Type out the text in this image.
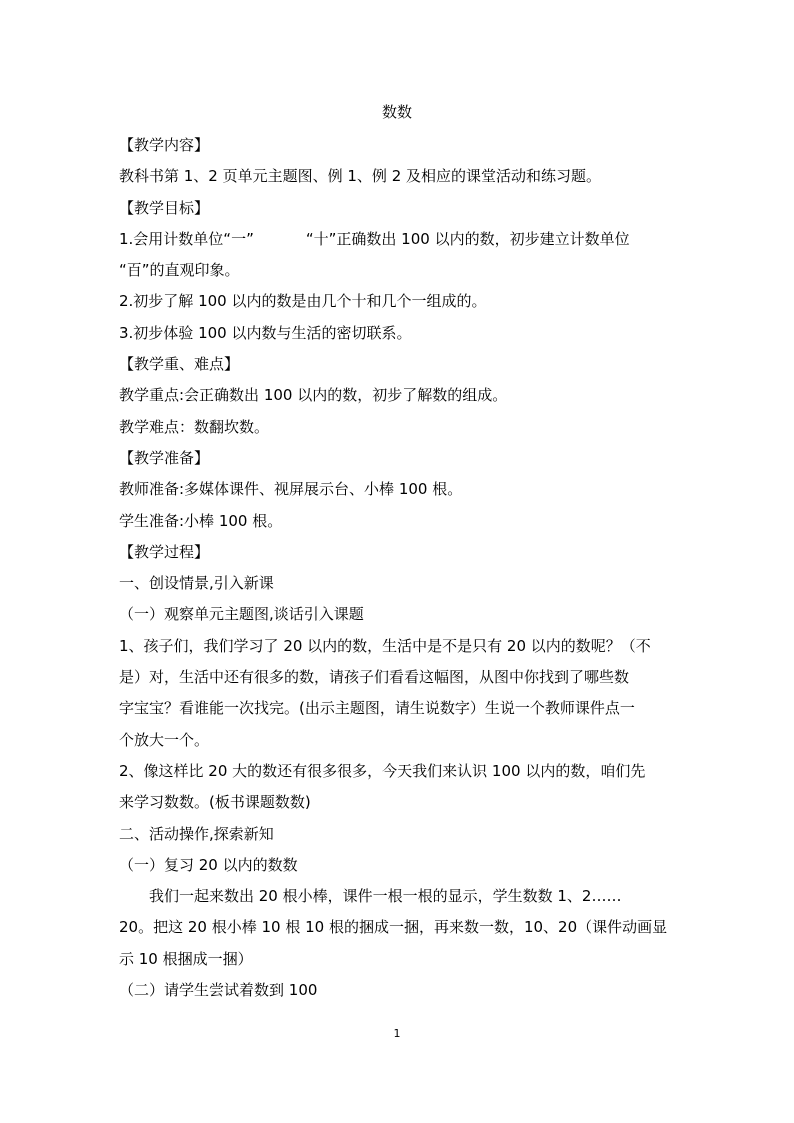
数数

【教学内容】

教科书第 1、2 页单元主题图、例 1、例 2 及相应的课堂活动和练习题。

【教学目标】

1.会用计数单位“一”	“十”正确数出 100 以内的数，初步建立计数单位

“百”的直观印象。

2.初步了解 100 以内的数是由几个十和几个一组成的。

3.初步体验 100 以内数与生活的密切联系。

【教学重、难点】

教学重点:会正确数出 100 以内的数，初步了解数的组成。

教学难点：数翻坎数。

【教学准备】

教师准备:多媒体课件、视屏展示台、小棒 100 根。

学生准备:小棒 100 根。

【教学过程】

一、创设情景,引入新课

（一）观察单元主题图,谈话引入课题

1、孩子们，我们学习了 20 以内的数，生活中是不是只有 20 以内的数呢？（不
是）对，生活中还有很多的数，请孩子们看看这幅图，从图中你找到了哪些数
字宝宝？看谁能一次找完。(出示主题图，请生说数字）生说一个教师课件点一
个放大一个。

2、像这样比 20 大的数还有很多很多，今天我们来认识 100 以内的数，咱们先
来学习数数。(板书课题数数)

二、活动操作,探索新知

（一）复习 20 以内的数数

我们一起来数出 20 根小棒，课件一根一根的显示，学生数数 1、2……
20。把这 20 根小棒 10 根 10 根的捆成一捆，再来数一数，10、20（课件动画显
示 10 根捆成一捆）

（二）请学生尝试着数到 100

1
